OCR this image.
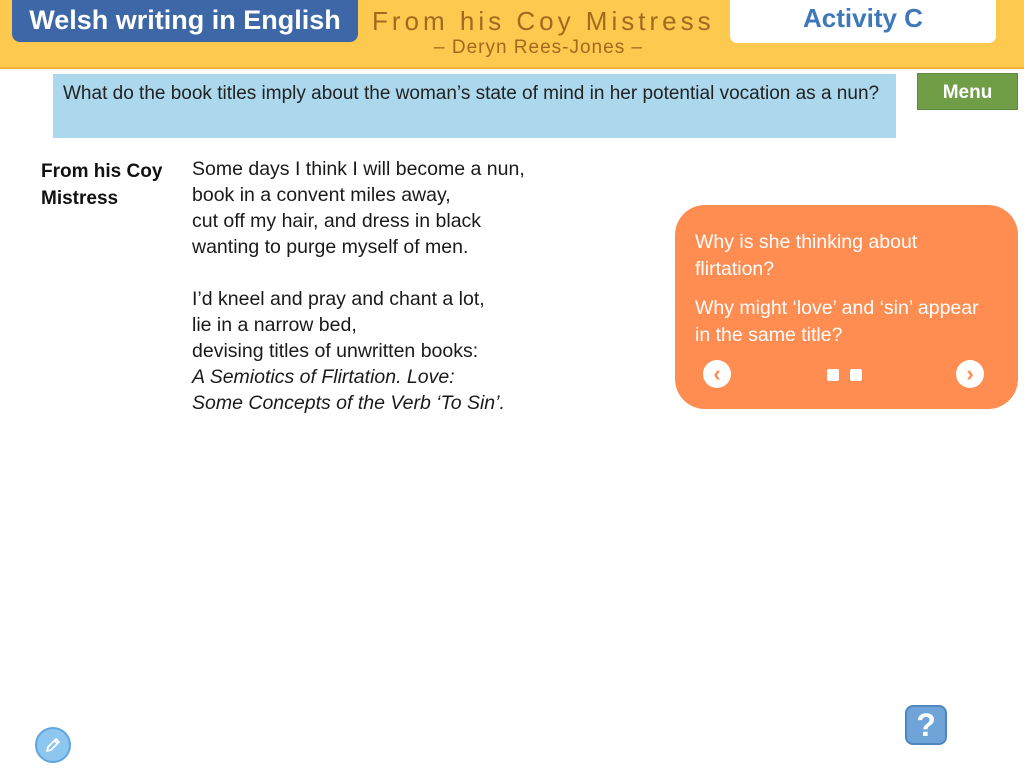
Welsh writing in English	From his Coy Mistress
– Deryn Rees-Jones –
Activity C
What do the book titles imply about the woman’s state of mind in her potential vocation as a nun?	Menu
From his Coy Mistress
Some days I think I will become a nun,
book in a convent miles away,
cut off my hair, and dress in black
wanting to purge myself of men.
I’d kneel and pray and chant a lot,
lie in a narrow bed,
devising titles of unwritten books:
A Semiotics of Flirtation. Love:
Some Concepts of the Verb ‘To Sin’.
Why is she thinking about flirtation?
Why might ‘love’ and ‘sin’ appear in the same title?
‹	›
?
